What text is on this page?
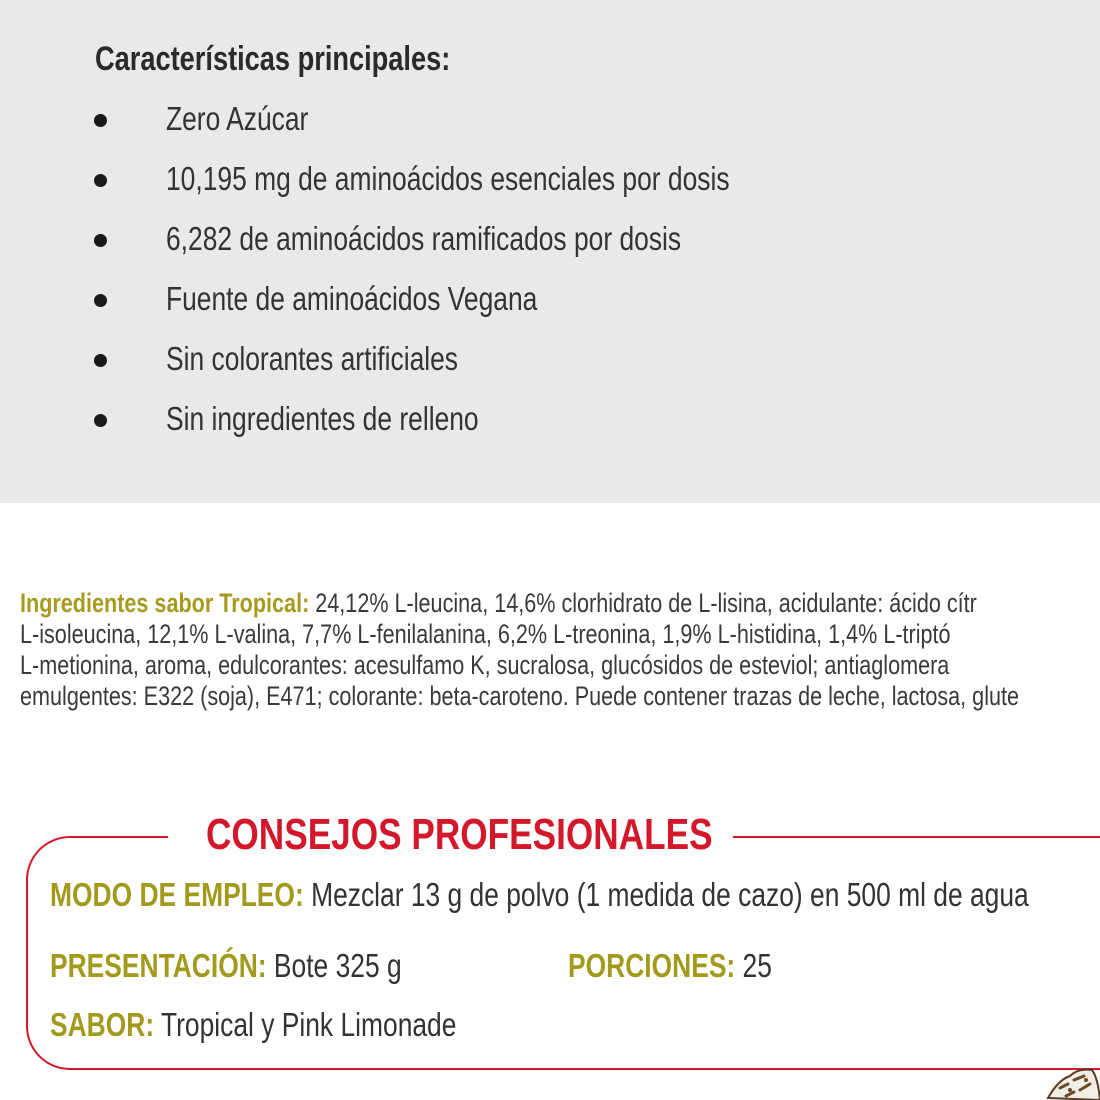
Características principales:
Zero Azúcar
10,195 mg de aminoácidos esenciales por dosis
6,282 de aminoácidos ramificados por dosis
Fuente de aminoácidos Vegana
Sin colorantes artificiales
Sin ingredientes de relleno
Ingredientes sabor Tropical: 24,12% L-leucina, 14,6% clorhidrato de L-lisina, acidulante: ácido cítr
L-isoleucina, 12,1% L-valina, 7,7% L-fenilalanina, 6,2% L-treonina, 1,9% L-histidina, 1,4% L-triptó
L-metionina, aroma, edulcorantes: acesulfamo K, sucralosa, glucósidos de esteviol; antiaglomera
emulgentes: E322 (soja), E471; colorante: beta-caroteno. Puede contener trazas de leche, lactosa, glute
CONSEJOS PROFESIONALES
MODO DE EMPLEO: Mezclar 13 g de polvo (1 medida de cazo) en 500 ml de agua
PRESENTACIÓN: Bote 325 g	PORCIONES: 25
SABOR: Tropical y Pink Limonade
